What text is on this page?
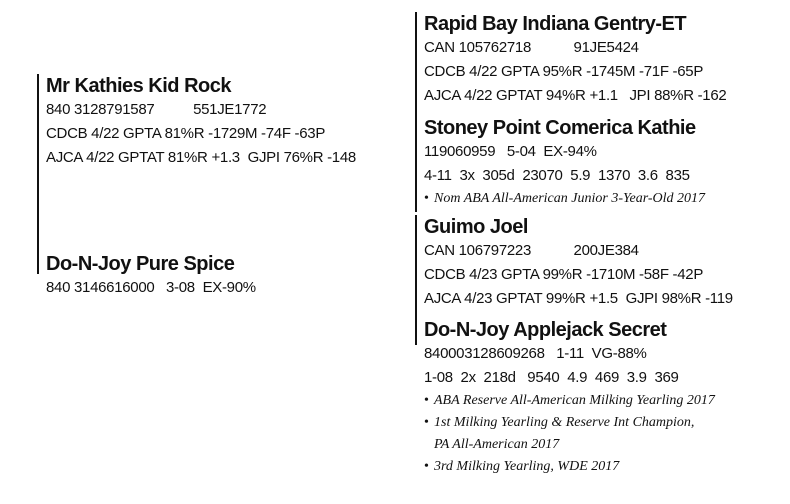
Mr Kathies Kid Rock
840 3128791587          551JE1772
CDCB 4/22 GPTA 81%R -1729M -74F -63P
AJCA 4/22 GPTAT 81%R +1.3  GJPI 76%R -148
Do-N-Joy Pure Spice
840 3146616000   3-08  EX-90%
Rapid Bay Indiana Gentry-ET
CAN 105762718           91JE5424
CDCB 4/22 GPTA 95%R -1745M -71F -65P
AJCA 4/22 GPTAT 94%R +1.1   JPI 88%R -162
Stoney Point Comerica Kathie
119060959   5-04  EX-94%
4-11  3x  305d  23070  5.9  1370  3.6  835
• Nom ABA All-American Junior 3-Year-Old 2017
Guimo Joel
CAN 106797223           200JE384
CDCB 4/23 GPTA 99%R -1710M -58F -42P
AJCA 4/23 GPTAT 99%R +1.5  GJPI 98%R -119
Do-N-Joy Applejack Secret
840003128609268   1-11  VG-88%
1-08  2x  218d   9540  4.9  469  3.9  369
• ABA Reserve All-American Milking Yearling 2017
• 1st Milking Yearling & Reserve Int Champion,
PA All-American 2017
• 3rd Milking Yearling, WDE 2017
